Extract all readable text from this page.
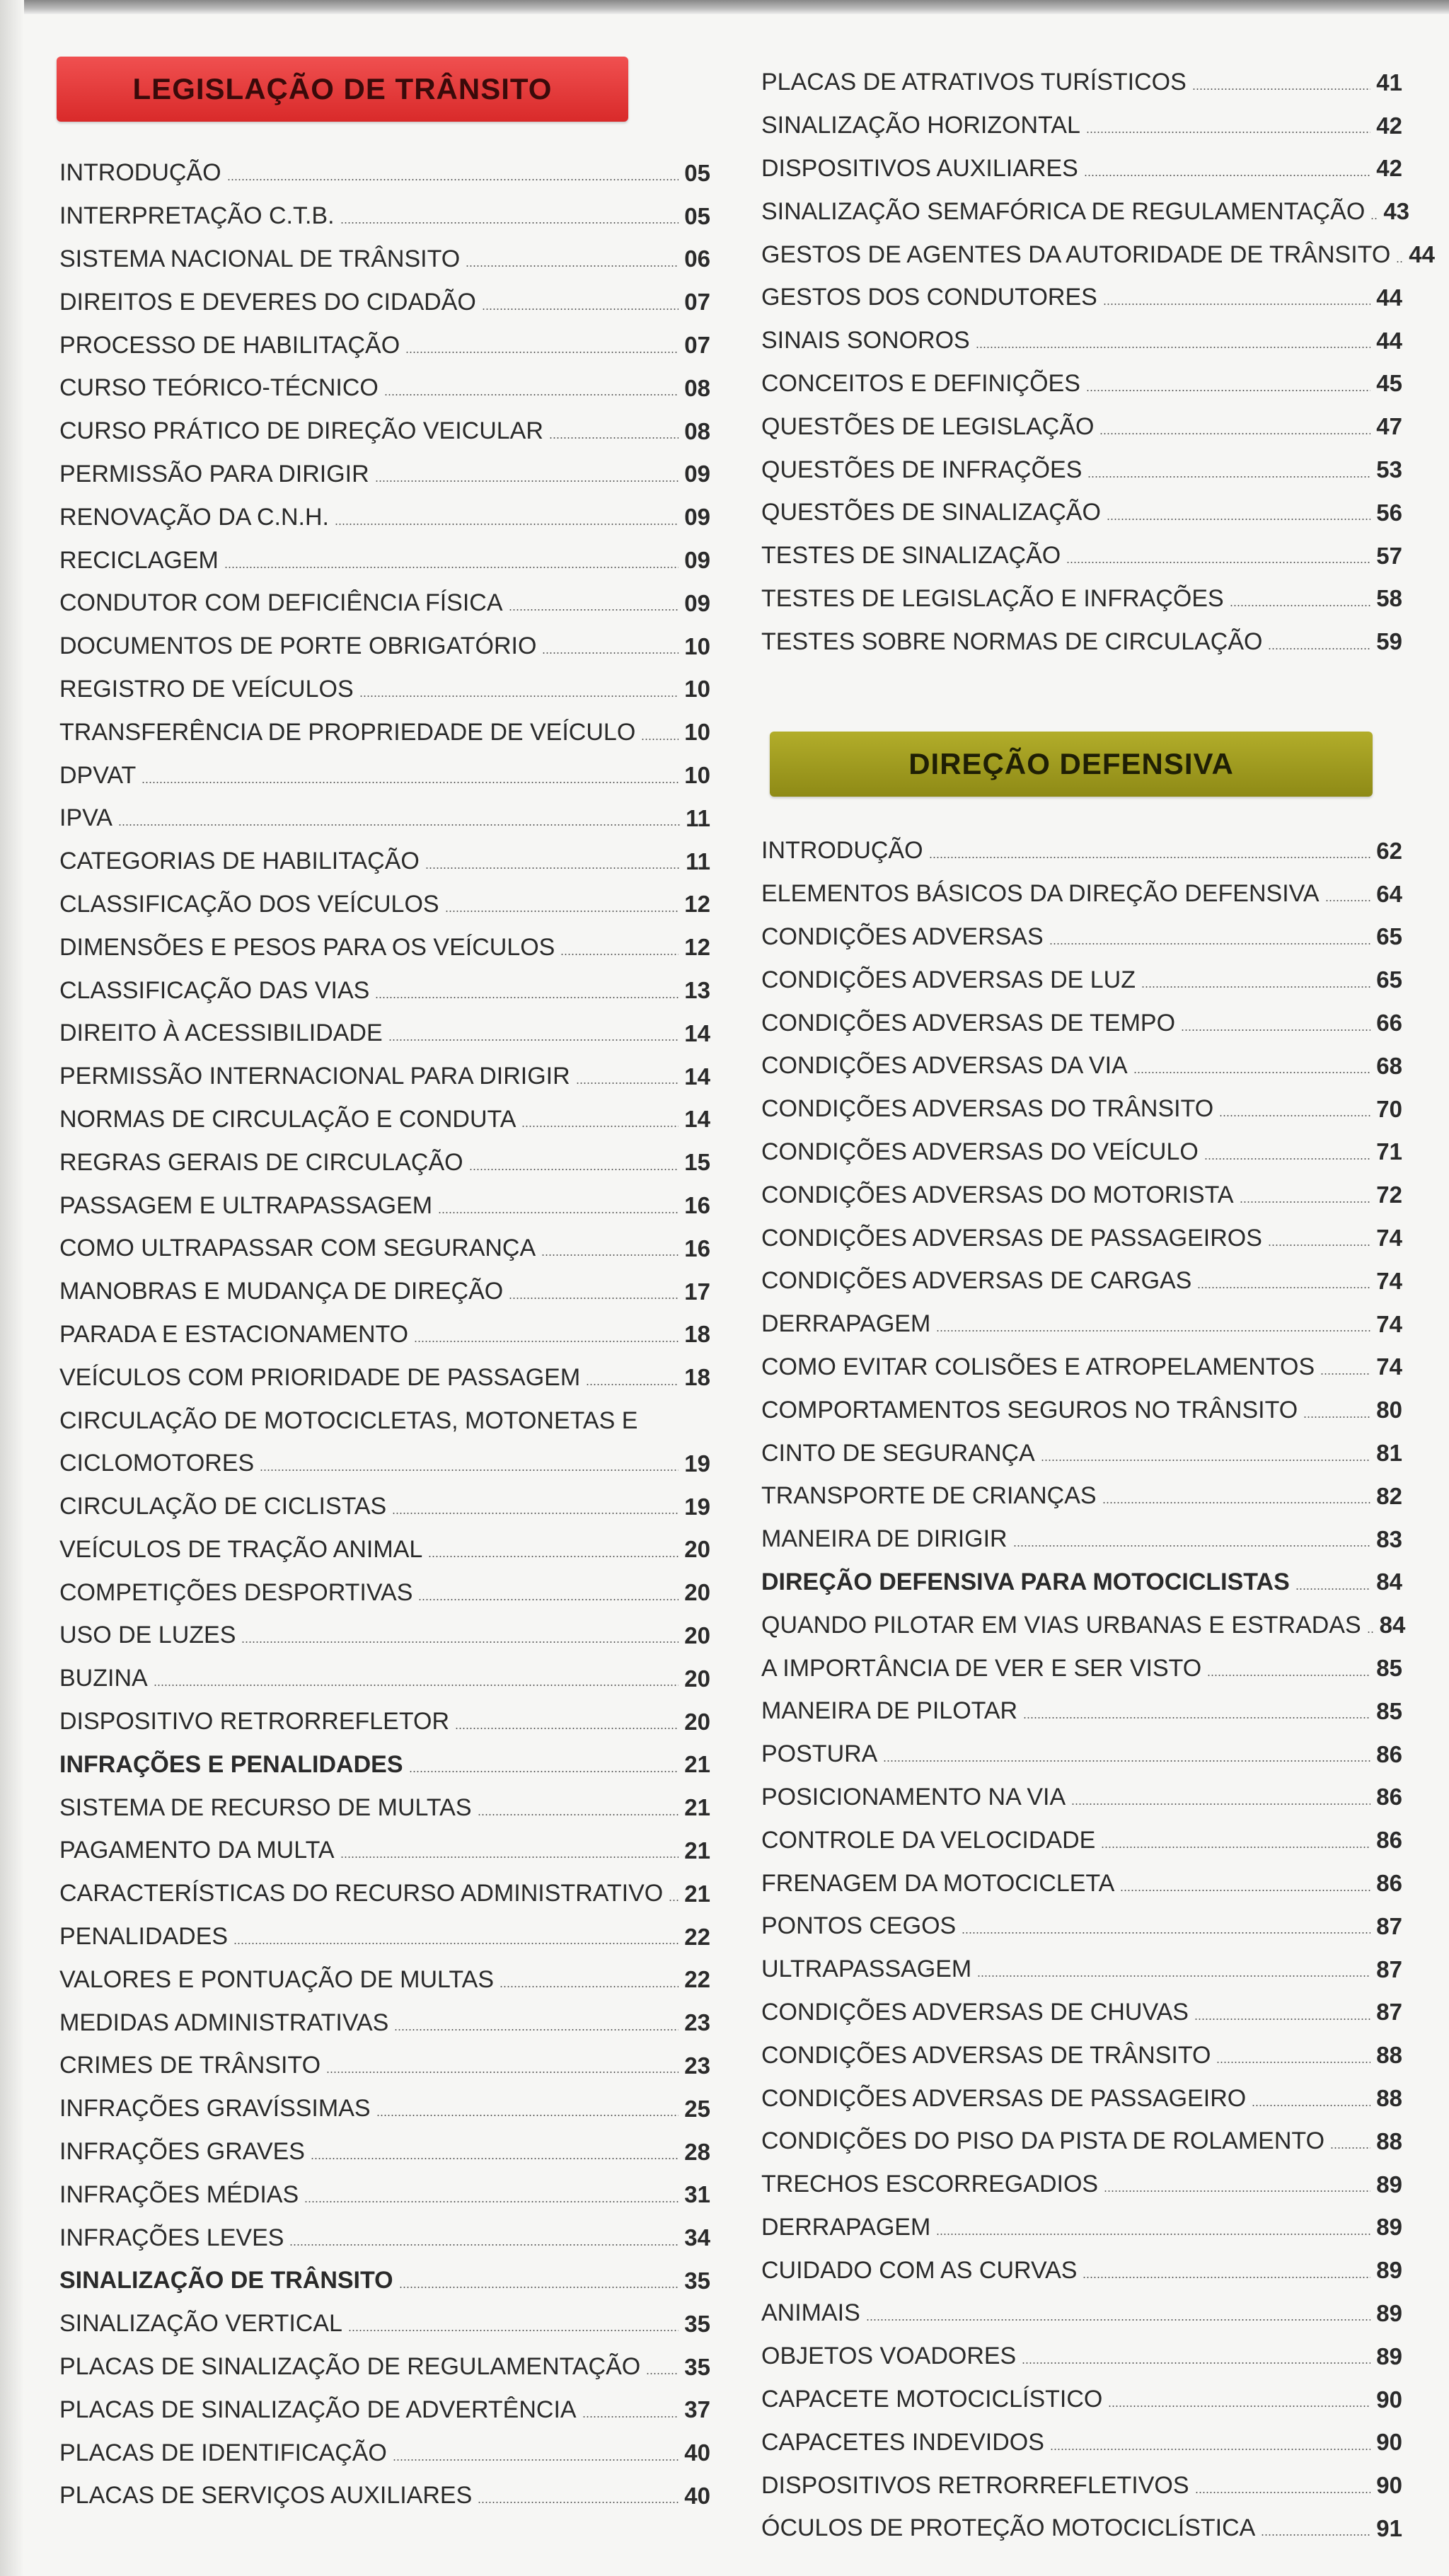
LEGISLAÇÃO DE TRÂNSITO
INTRODUÇÃO	05
INTERPRETAÇÃO C.T.B.	05
SISTEMA NACIONAL DE TRÂNSITO	06
DIREITOS E DEVERES DO CIDADÃO	07
PROCESSO DE HABILITAÇÃO	07
CURSO TEÓRICO-TÉCNICO	08
CURSO PRÁTICO DE DIREÇÃO VEICULAR	08
PERMISSÃO PARA DIRIGIR	09
RENOVAÇÃO DA C.N.H.	09
RECICLAGEM	09
CONDUTOR COM DEFICIÊNCIA FÍSICA	09
DOCUMENTOS DE PORTE OBRIGATÓRIO	10
REGISTRO DE VEÍCULOS	10
TRANSFERÊNCIA DE PROPRIEDADE DE VEÍCULO 10
DPVAT	10
IPVA	11
CATEGORIAS DE HABILITAÇÃO	11
CLASSIFICAÇÃO DOS VEÍCULOS	12
DIMENSÕES E PESOS PARA OS VEÍCULOS	12
CLASSIFICAÇÃO DAS VIAS	13
DIREITO À ACESSIBILIDADE	14
PERMISSÃO INTERNACIONAL PARA DIRIGIR	14
NORMAS DE CIRCULAÇÃO E CONDUTA	14
REGRAS GERAIS DE CIRCULAÇÃO	15
PASSAGEM E ULTRAPASSAGEM	16
COMO ULTRAPASSAR COM SEGURANÇA	16
MANOBRAS E MUDANÇA DE DIREÇÃO	17
PARADA E ESTACIONAMENTO	18
VEÍCULOS COM PRIORIDADE DE PASSAGEM	18
CIRCULAÇÃO DE MOTOCICLETAS, MOTONETAS E
CICLOMOTORES	19
CIRCULAÇÃO DE CICLISTAS	19
VEÍCULOS DE TRAÇÃO ANIMAL	20
COMPETIÇÕES DESPORTIVAS	20
USO DE LUZES	20
BUZINA	20
DISPOSITIVO RETRORREFLETOR	20
INFRAÇÕES E PENALIDADES	21
SISTEMA DE RECURSO DE MULTAS	21
PAGAMENTO DA MULTA	21
CARACTERÍSTICAS DO RECURSO ADMINISTRATIVO 21
PENALIDADES	22
VALORES E PONTUAÇÃO DE MULTAS	22
MEDIDAS ADMINISTRATIVAS	23
CRIMES DE TRÂNSITO	23
INFRAÇÕES GRAVÍSSIMAS	25
INFRAÇÕES GRAVES	28
INFRAÇÕES MÉDIAS	31
INFRAÇÕES LEVES	34
SINALIZAÇÃO DE TRÂNSITO	35
SINALIZAÇÃO VERTICAL	35
PLACAS DE SINALIZAÇÃO DE REGULAMENTAÇÃO 35
PLACAS DE SINALIZAÇÃO DE ADVERTÊNCIA	37
PLACAS DE IDENTIFICAÇÃO	40
PLACAS DE SERVIÇOS AUXILIARES	40
PLACAS DE ATRATIVOS TURÍSTICOS	41
SINALIZAÇÃO HORIZONTAL	42
DISPOSITIVOS AUXILIARES	42
SINALIZAÇÃO SEMAFÓRICA DE REGULAMENTAÇÃO 43
GESTOS DE AGENTES DA AUTORIDADE DE TRÂNSITO 44
GESTOS DOS CONDUTORES	44
SINAIS SONOROS	44
CONCEITOS E DEFINIÇÕES	45
QUESTÕES DE LEGISLAÇÃO	47
QUESTÕES DE INFRAÇÕES	53
QUESTÕES DE SINALIZAÇÃO	56
TESTES DE SINALIZAÇÃO	57
TESTES DE LEGISLAÇÃO E INFRAÇÕES	58
TESTES SOBRE NORMAS DE CIRCULAÇÃO	59
DIREÇÃO DEFENSIVA
INTRODUÇÃO	62
ELEMENTOS BÁSICOS DA DIREÇÃO DEFENSIVA 64
CONDIÇÕES ADVERSAS	65
CONDIÇÕES ADVERSAS DE LUZ	65
CONDIÇÕES ADVERSAS DE TEMPO	66
CONDIÇÕES ADVERSAS DA VIA	68
CONDIÇÕES ADVERSAS DO TRÂNSITO	70
CONDIÇÕES ADVERSAS DO VEÍCULO	71
CONDIÇÕES ADVERSAS DO MOTORISTA	72
CONDIÇÕES ADVERSAS DE PASSAGEIROS	74
CONDIÇÕES ADVERSAS DE CARGAS	74
DERRAPAGEM	74
COMO EVITAR COLISÕES E ATROPELAMENTOS	74
COMPORTAMENTOS SEGUROS NO TRÂNSITO	80
CINTO DE SEGURANÇA	81
TRANSPORTE DE CRIANÇAS	82
MANEIRA DE DIRIGIR	83
DIREÇÃO DEFENSIVA PARA MOTOCICLISTAS	84
QUANDO PILOTAR EM VIAS URBANAS E ESTRADAS 84
A IMPORTÂNCIA DE VER E SER VISTO	85
MANEIRA DE PILOTAR	85
POSTURA	86
POSICIONAMENTO NA VIA	86
CONTROLE DA VELOCIDADE	86
FRENAGEM DA MOTOCICLETA	86
PONTOS CEGOS	87
ULTRAPASSAGEM	87
CONDIÇÕES ADVERSAS DE CHUVAS	87
CONDIÇÕES ADVERSAS DE TRÂNSITO	88
CONDIÇÕES ADVERSAS DE PASSAGEIRO	88
CONDIÇÕES DO PISO DA PISTA DE ROLAMENTO 88
TRECHOS ESCORREGADIOS	89
DERRAPAGEM	89
CUIDADO COM AS CURVAS	89
ANIMAIS	89
OBJETOS VOADORES	89
CAPACETE MOTOCICLÍSTICO	90
CAPACETES INDEVIDOS	90
DISPOSITIVOS RETRORREFLETIVOS	90
ÓCULOS DE PROTEÇÃO MOTOCICLÍSTICA	91
